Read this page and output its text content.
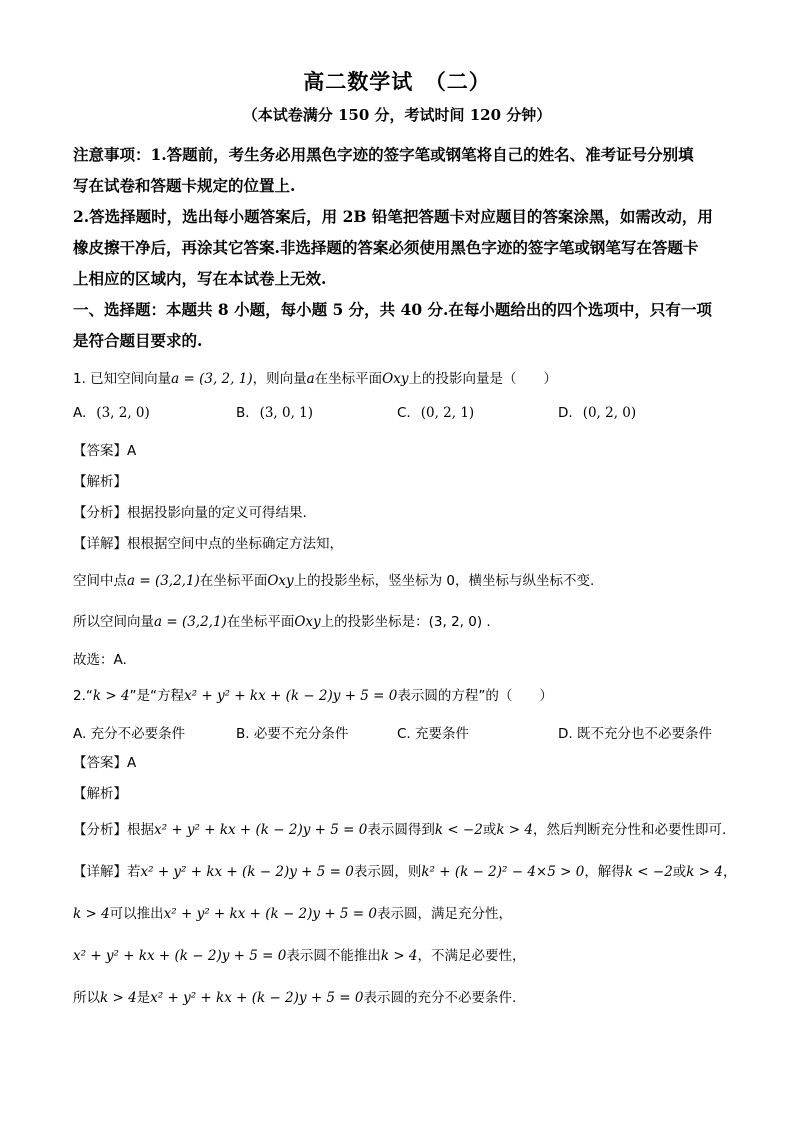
高二数学试　（二）
（本试卷满分 150 分，考试时间 120 分钟）
注意事项：1.答题前，考生务必用黑色字迹的签字笔或钢笔将自己的姓名、准考证号分别填
写在试卷和答题卡规定的位置上.
2.答选择题时，选出每小题答案后，用 2B 铅笔把答题卡对应题目的答案涂黑，如需改动，用
橡皮擦干净后，再涂其它答案.非选择题的答案必须使用黑色字迹的签字笔或钢笔写在答题卡
上相应的区域内，写在本试卷上无效.
一、选择题：本题共 8 小题，每小题 5 分，共 40 分.在每小题给出的四个选项中，只有一项
是符合题目要求的.
1. 已知空间向量a = (3, 2, 1)，则向量a在坐标平面Oxy上的投影向量是（　　）
A. (3, 2, 0)	B. (3, 0, 1)	C. (0, 2, 1)	D. (0, 2, 0)
【答案】A
【解析】
【分析】根据投影向量的定义可得结果.
【详解】根根据空间中点的坐标确定方法知，
空间中点a = (3,2,1)在坐标平面Oxy上的投影坐标，竖坐标为 0，横坐标与纵坐标不变.
所以空间向量a = (3,2,1)在坐标平面Oxy上的投影坐标是：(3, 2, 0) .
故选：A.
2.“k > 4”是“方程x² + y² + kx + (k − 2)y + 5 = 0表示圆的方程”的（　　）
A. 充分不必要条件	B. 必要不充分条件	C. 充要条件	D. 既不充分也不必要条件
【答案】A
【解析】
【分析】根据x² + y² + kx + (k − 2)y + 5 = 0表示圆得到k < −2或k > 4，然后判断充分性和必要性即可.
【详解】若x² + y² + kx + (k − 2)y + 5 = 0表示圆，则k² + (k − 2)² − 4×5 > 0，解得k < −2或k > 4，
k > 4可以推出x² + y² + kx + (k − 2)y + 5 = 0表示圆，满足充分性，
x² + y² + kx + (k − 2)y + 5 = 0表示圆不能推出k > 4，不满足必要性，
所以k > 4是x² + y² + kx + (k − 2)y + 5 = 0表示圆的充分不必要条件.
